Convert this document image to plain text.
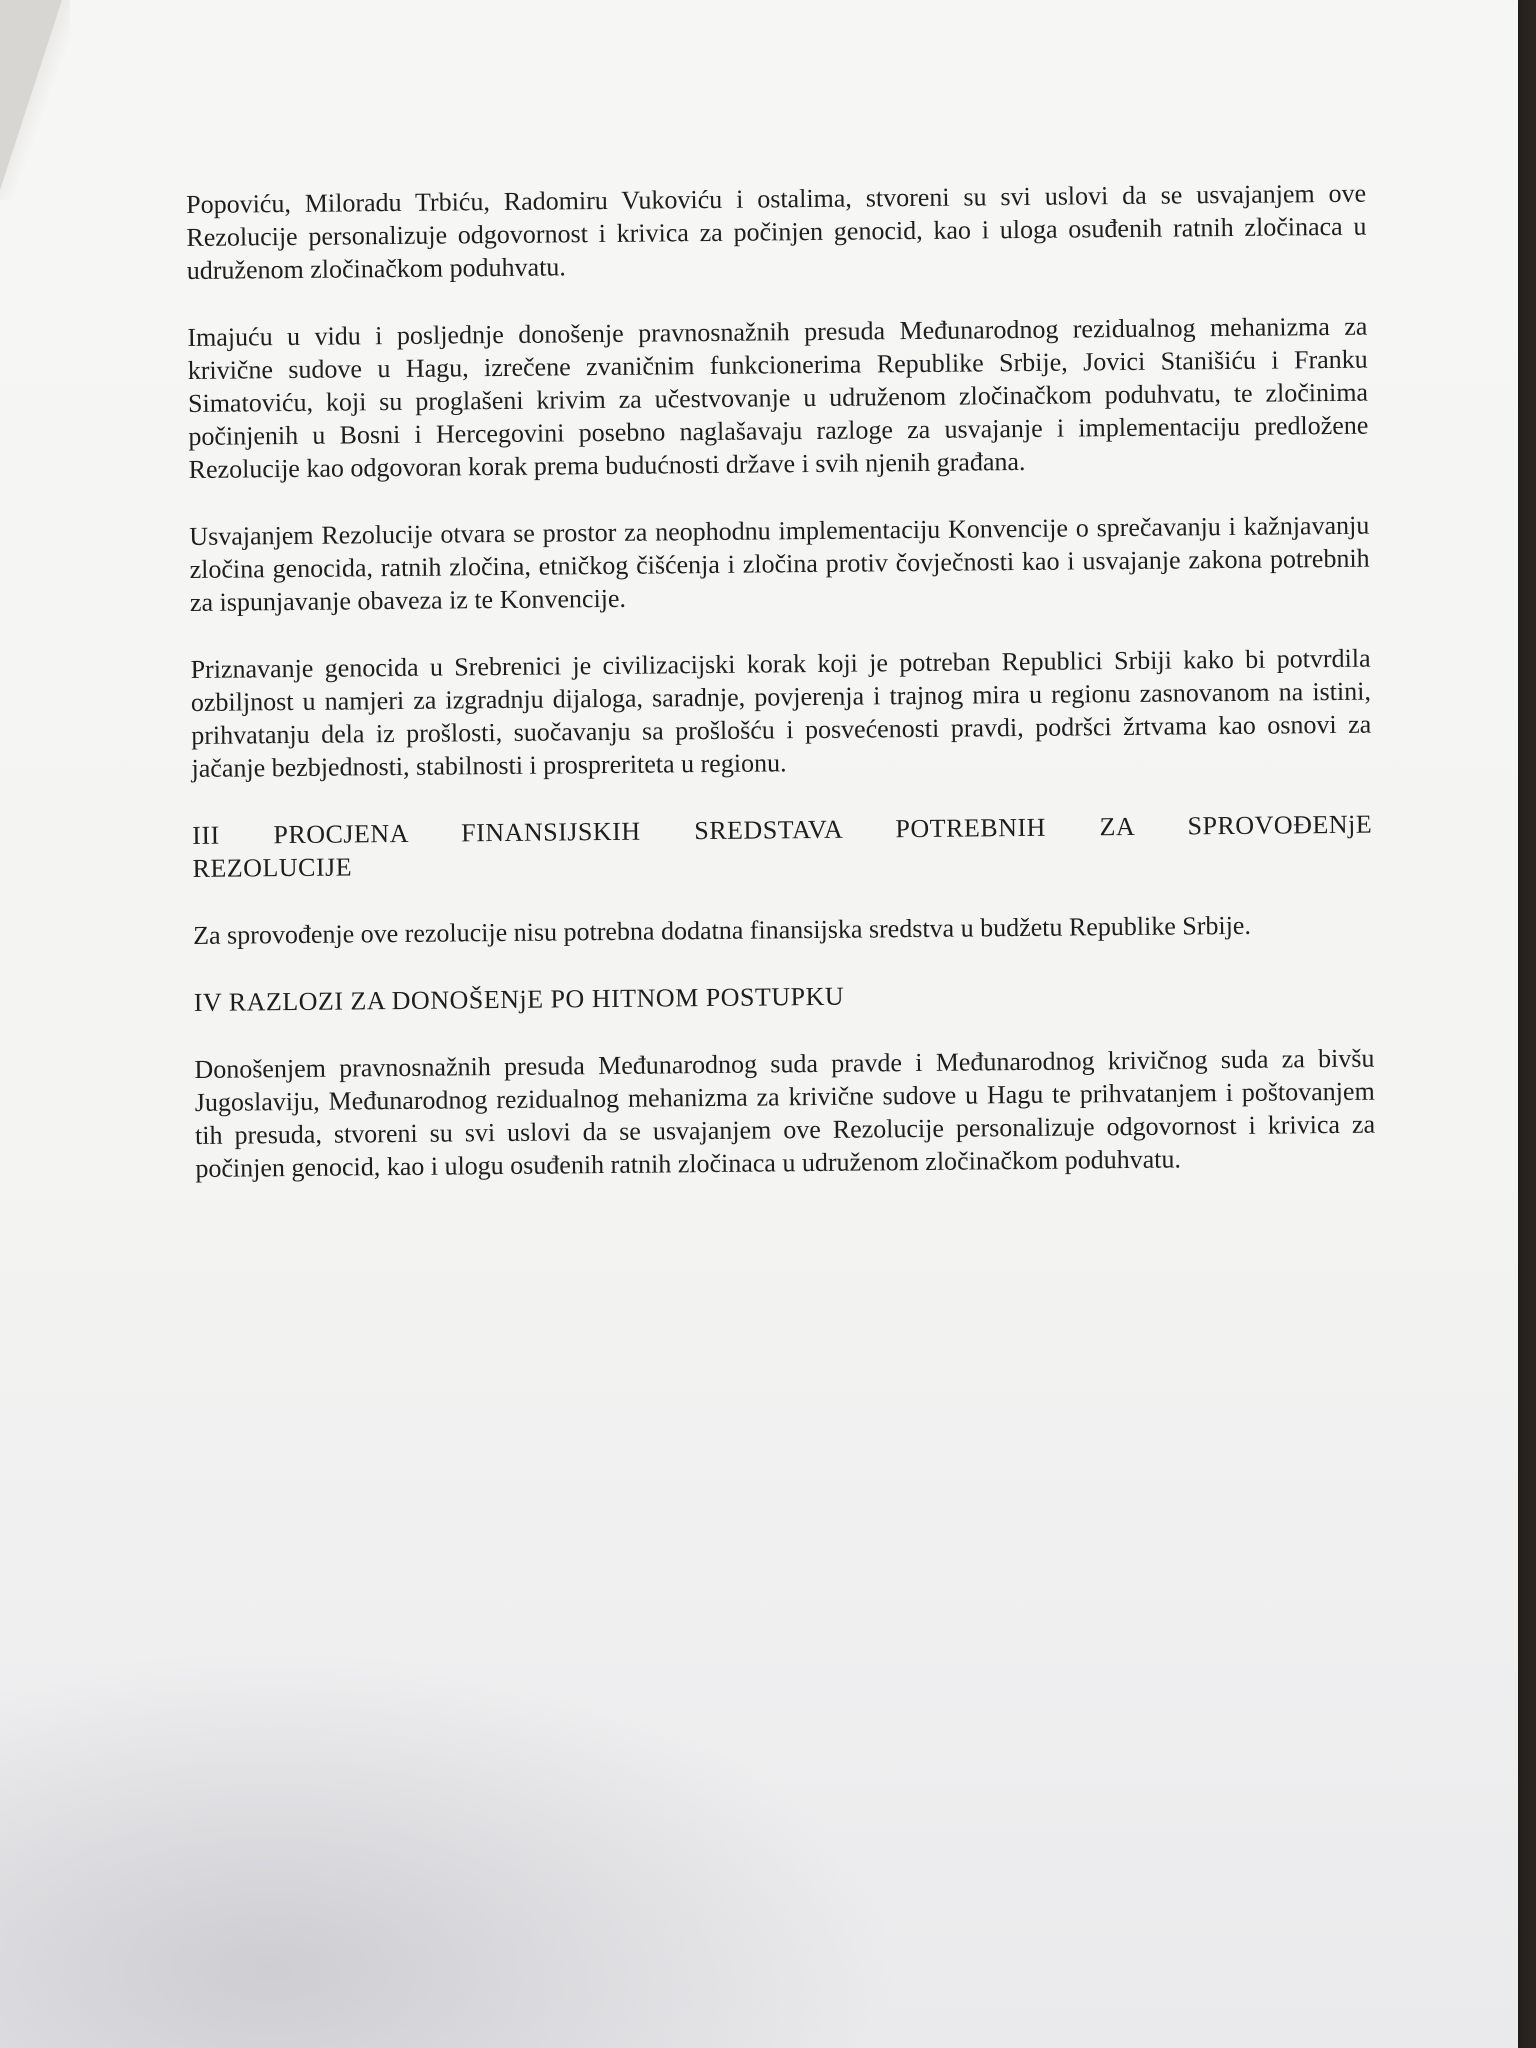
Popoviću, Miloradu Trbiću, Radomiru Vukoviću i ostalima, stvoreni su svi uslovi da se usvajanjem ove Rezolucije personalizuje odgovornost i krivica za počinjen genocid, kao i uloga osuđenih ratnih zločinaca u udruženom zločinačkom poduhvatu.

Imajuću u vidu i posljednje donošenje pravnosnažnih presuda Međunarodnog rezidualnog mehanizma za krivične sudove u Hagu, izrečene zvaničnim funkcionerima Republike Srbije, Jovici Stanišiću i Franku Simatoviću, koji su proglašeni krivim za učestvovanje u udruženom zločinačkom poduhvatu, te zločinima počinjenih u Bosni i Hercegovini posebno naglašavaju razloge za usvajanje i implementaciju predložene Rezolucije kao odgovoran korak prema budućnosti države i svih njenih građana.

Usvajanjem Rezolucije otvara se prostor za neophodnu implementaciju Konvencije o sprečavanju i kažnjavanju zločina genocida, ratnih zločina, etničkog čišćenja i zločina protiv čovječnosti kao i usvajanje zakona potrebnih za ispunjavanje obaveza iz te Konvencije.

Priznavanje genocida u Srebrenici je civilizacijski korak koji je potreban Republici Srbiji kako bi potvrdila ozbiljnost u namjeri za izgradnju dijaloga, saradnje, povjerenja i trajnog mira u regionu zasnovanom na istini, prihvatanju dela iz prošlosti, suočavanju sa prošlošću i posvećenosti pravdi, podršci žrtvama kao osnovi za jačanje bezbjednosti, stabilnosti i prospreriteta u regionu.

III PROCJENA FINANSIJSKIH SREDSTAVA POTREBNIH ZA SPROVOĐENjE REZOLUCIJE

Za sprovođenje ove rezolucije nisu potrebna dodatna finansijska sredstva u budžetu Republike Srbije.

IV RAZLOZI ZA DONOŠENjE PO HITNOM POSTUPKU

Donošenjem pravnosnažnih presuda Međunarodnog suda pravde i Međunarodnog krivičnog suda za bivšu Jugoslaviju, Međunarodnog rezidualnog mehanizma za krivične sudove u Hagu te prihvatanjem i poštovanjem tih presuda, stvoreni su svi uslovi da se usvajanjem ove Rezolucije personalizuje odgovornost i krivica za počinjen genocid, kao i ulogu osuđenih ratnih zločinaca u udruženom zločinačkom poduhvatu.
